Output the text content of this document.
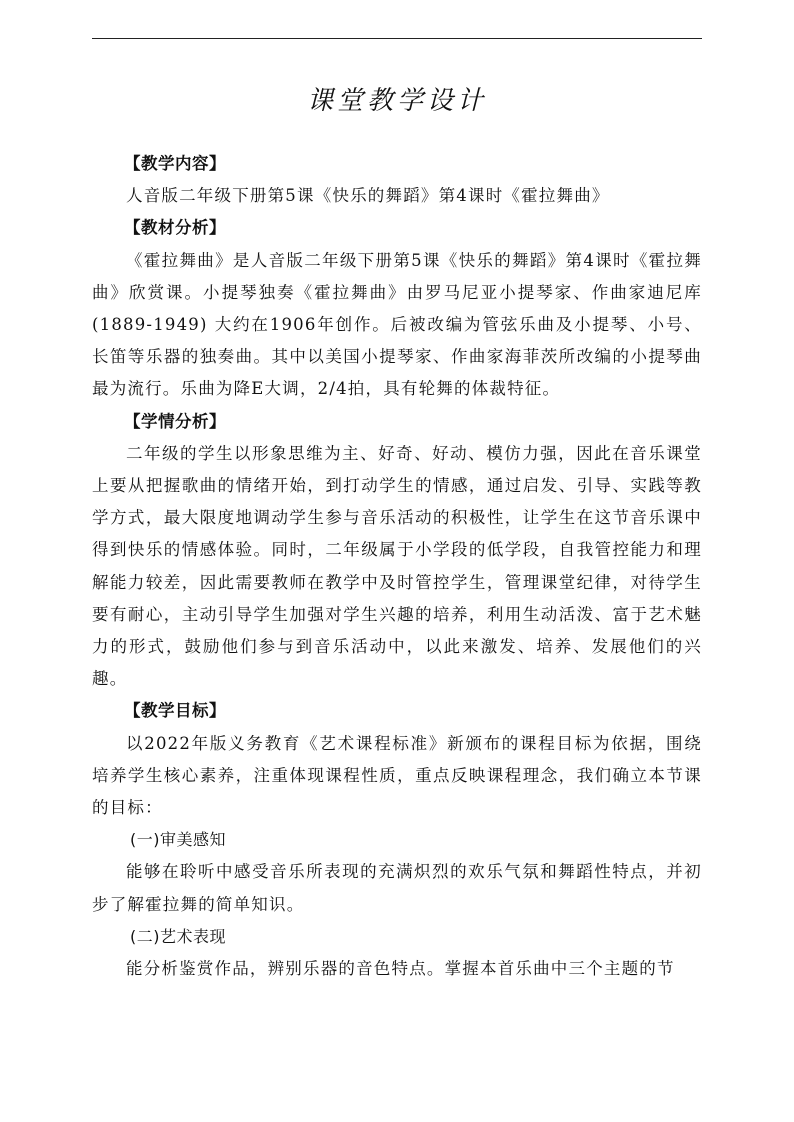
课堂教学设计

【教学内容】

人音版二年级下册第5课《快乐的舞蹈》第4课时《霍拉舞曲》

【教材分析】

《霍拉舞曲》是人音版二年级下册第5课《快乐的舞蹈》第4课时《霍拉舞曲》欣赏课。小提琴独奏《霍拉舞曲》由罗马尼亚小提琴家、作曲家迪尼库(1889-1949) 大约在1906年创作。后被改编为管弦乐曲及小提琴、小号、长笛等乐器的独奏曲。其中以美国小提琴家、作曲家海菲茨所改编的小提琴曲最为流行。乐曲为降E大调，2/4拍，具有轮舞的体裁特征。

【学情分析】

二年级的学生以形象思维为主、好奇、好动、模仿力强，因此在音乐课堂上要从把握歌曲的情绪开始，到打动学生的情感，通过启发、引导、实践等教学方式，最大限度地调动学生参与音乐活动的积极性，让学生在这节音乐课中得到快乐的情感体验。同时，二年级属于小学段的低学段，自我管控能力和理解能力较差，因此需要教师在教学中及时管控学生，管理课堂纪律，对待学生要有耐心，主动引导学生加强对学生兴趣的培养，利用生动活泼、富于艺术魅力的形式，鼓励他们参与到音乐活动中，以此来激发、培养、发展他们的兴趣。

【教学目标】

以2022年版义务教育《艺术课程标准》新颁布的课程目标为依据，围绕培养学生核心素养，注重体现课程性质，重点反映课程理念，我们确立本节课的目标：

(一)审美感知

能够在聆听中感受音乐所表现的充满炽烈的欢乐气氛和舞蹈性特点，并初步了解霍拉舞的简单知识。

(二)艺术表现

能分析鉴赏作品，辨别乐器的音色特点。掌握本首乐曲中三个主题的节
